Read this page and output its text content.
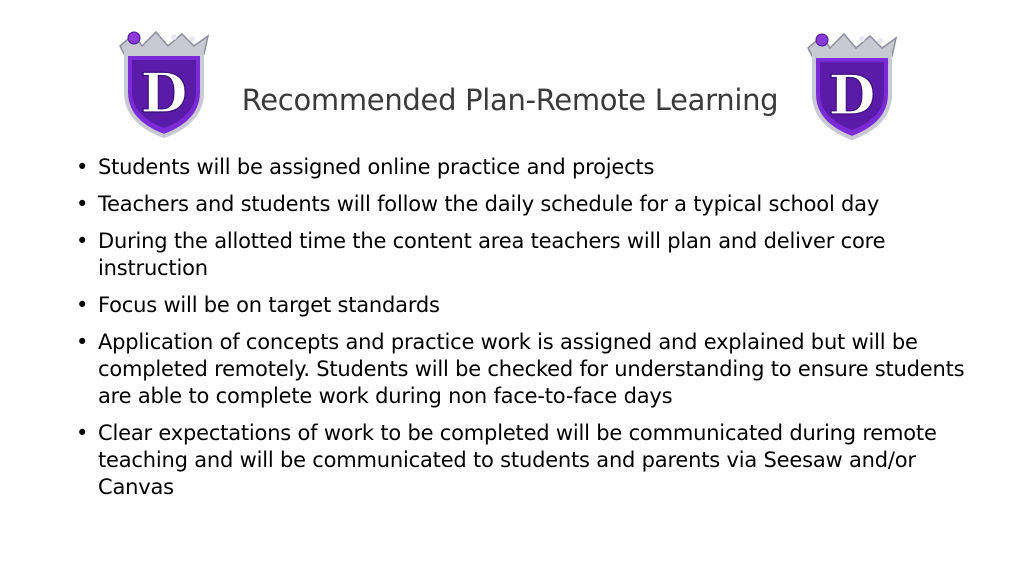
D	Recommended Plan-Remote Learning D
• Students will be assigned online practice and projects
• Teachers and students will follow the daily schedule for a typical school day
• During the allotted time the content area teachers will plan and deliver core instruction
• Focus will be on target standards
• Application of concepts and practice work is assigned and explained but will be completed remotely. Students will be checked for understanding to ensure students are able to complete work during non face-to-face days
• Clear expectations of work to be completed will be communicated during remote teaching and will be communicated to students and parents via Seesaw and/or Canvas
